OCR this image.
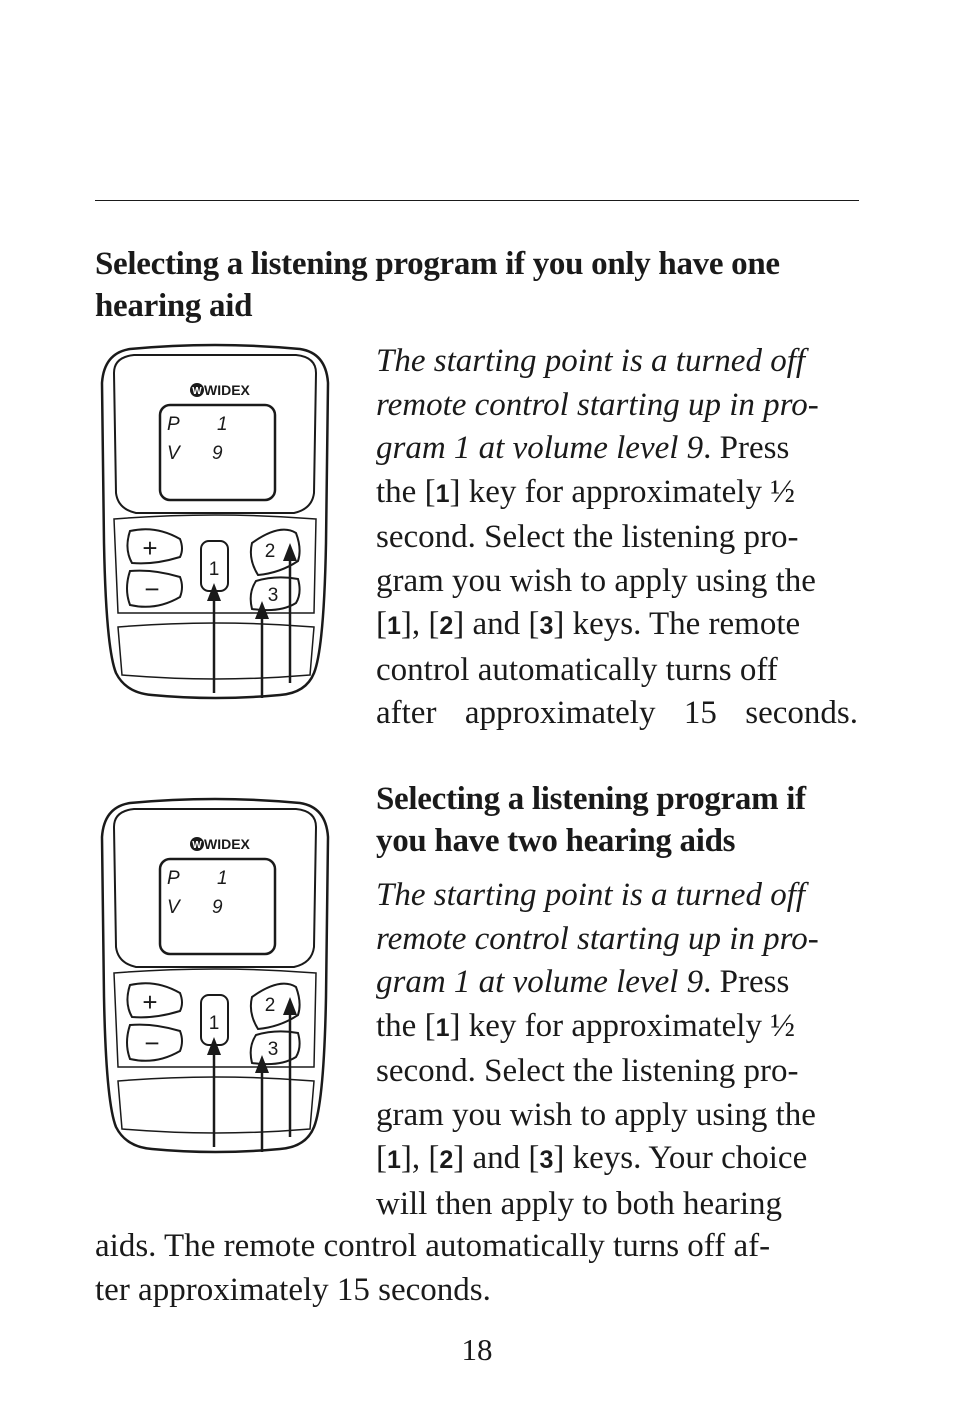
Selecting a listening program if you only have one hearing aid
W WIDEX
P 1
V 9
+
−
1
2
3
The starting point is a turned off
remote control starting up in pro-
gram 1 at volume level 9. Press
the [1] key for approximately ½
second. Select the listening pro-
gram you wish to apply using the
[1], [2] and [3] keys. The remote
control automatically turns off
after approximately 15 seconds.
Selecting a listening program if you have two hearing aids
W WIDEX
P 1
V 9
+
−
1
2
3
The starting point is a turned off
remote control starting up in pro-
gram 1 at volume level 9. Press
the [1] key for approximately ½
second. Select the listening pro-
gram you wish to apply using the
[1], [2] and [3] keys. Your choice
will then apply to both hearing
aids. The remote control automatically turns off af-
ter approximately 15 seconds.
18
